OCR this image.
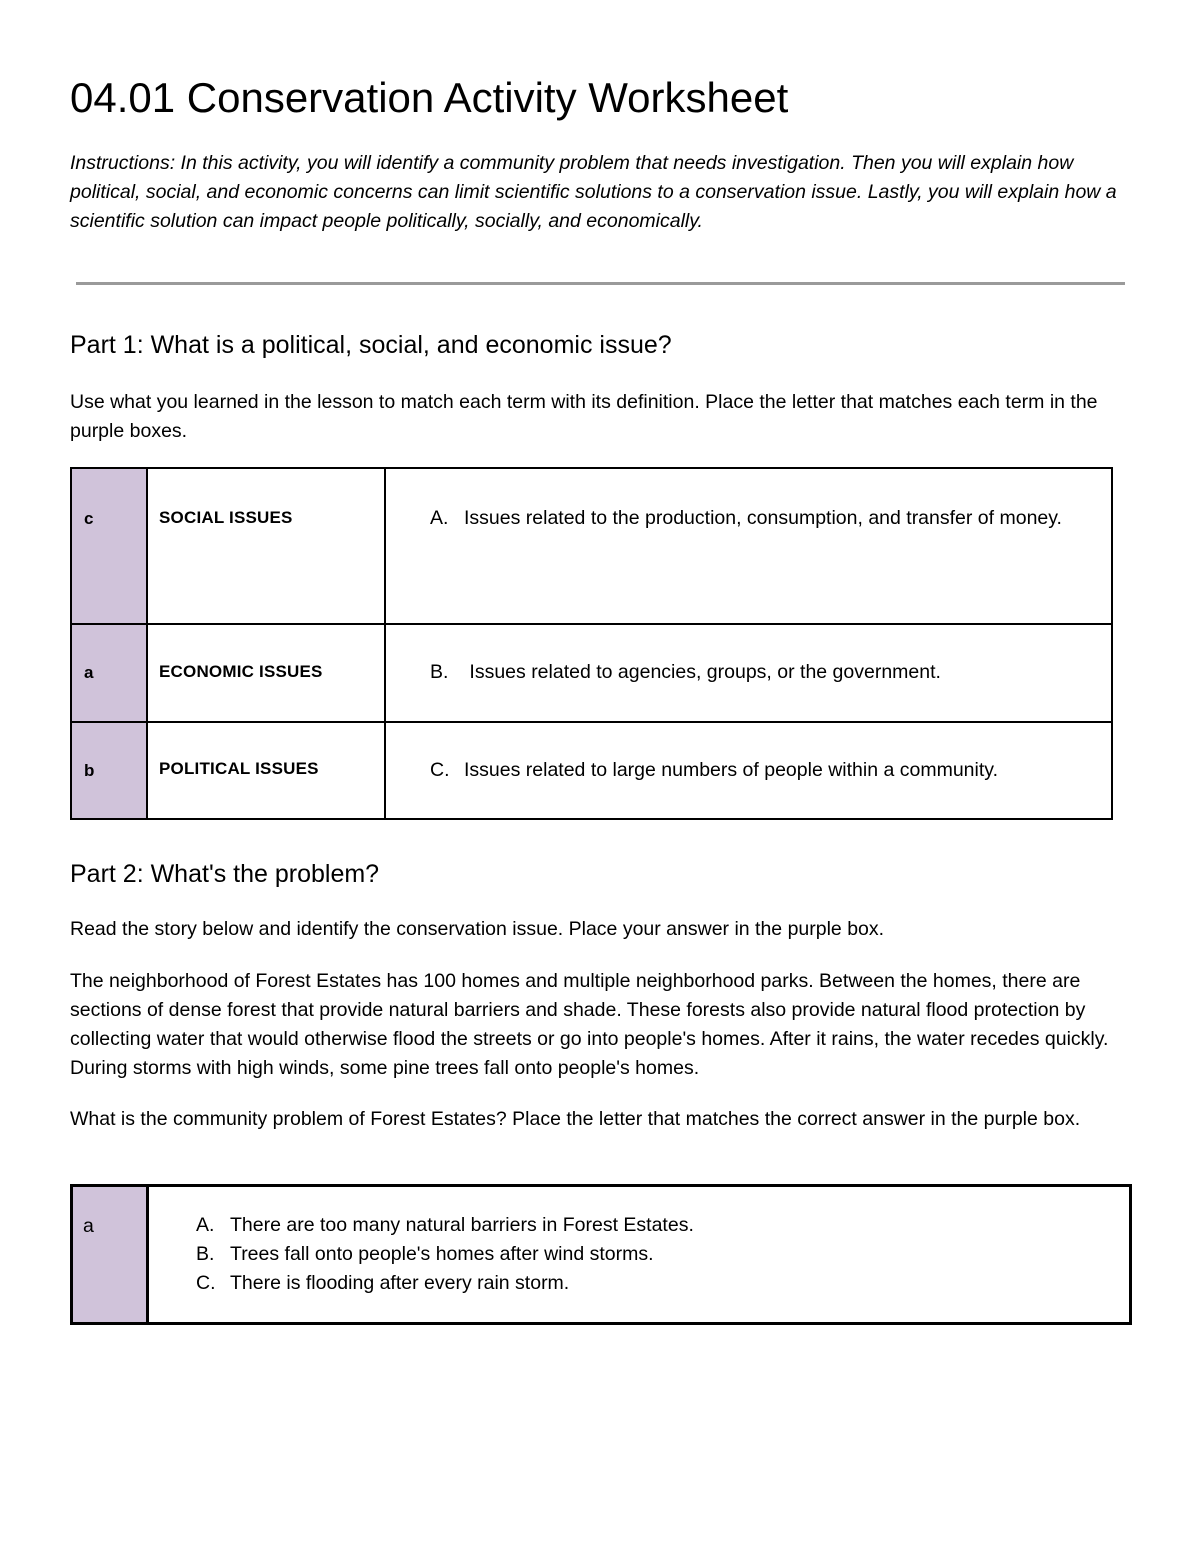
04.01 Conservation Activity Worksheet

Instructions: In this activity, you will identify a community problem that needs investigation. Then you will explain how political, social, and economic concerns can limit scientific solutions to a conservation issue. Lastly, you will explain how a scientific solution can impact people politically, socially, and economically.

Part 1: What is a political, social, and economic issue?

Use what you learned in the lesson to match each term with its definition. Place the letter that matches each term in the purple boxes.

c	SOCIAL ISSUES	A. Issues related to the production, consumption, and transfer of money.

a	ECONOMIC ISSUES	B. Issues related to agencies, groups, or the government.

b	POLITICAL ISSUES	C. Issues related to large numbers of people within a community.
Part 2: What's the problem?

Read the story below and identify the conservation issue. Place your answer in the purple box.

The neighborhood of Forest Estates has 100 homes and multiple neighborhood parks. Between the homes, there are sections of dense forest that provide natural barriers and shade. These forests also provide natural flood protection by collecting water that would otherwise flood the streets or go into people's homes. After it rains, the water recedes quickly. During storms with high winds, some pine trees fall onto people's homes.

What is the community problem of Forest Estates? Place the letter that matches the correct answer in the purple box.

a	A. There are too many natural barriers in Forest Estates.
B. Trees fall onto people's homes after wind storms.
C. There is flooding after every rain storm.
